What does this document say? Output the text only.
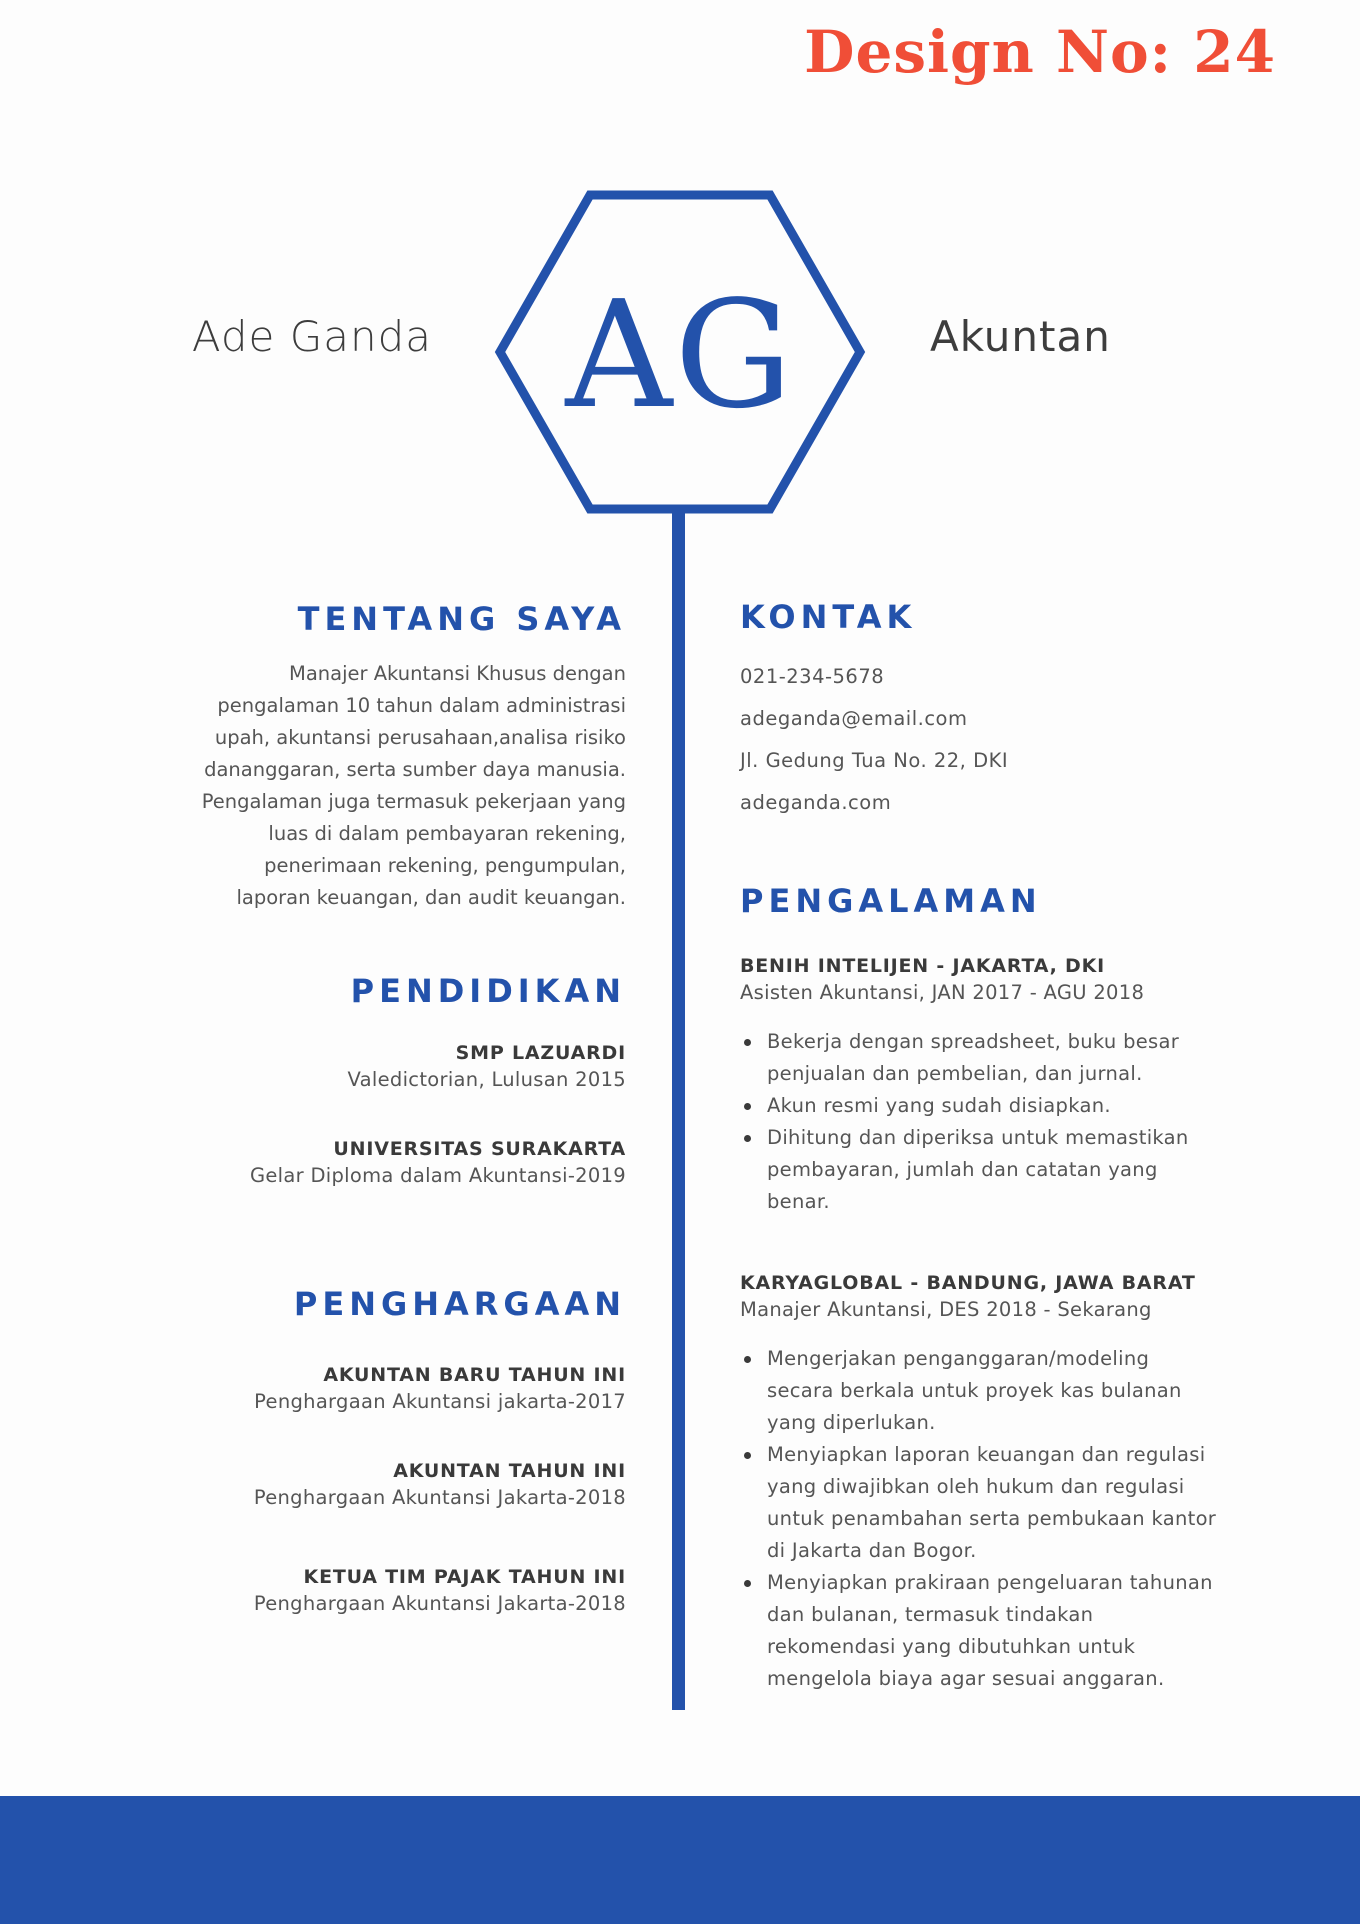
Design No: 24
AG
Ade Ganda	Akuntan
TENTANG SAYA
Manajer Akuntansi Khusus dengan
pengalaman 10 tahun dalam administrasi
upah, akuntansi perusahaan,analisa risiko
dananggaran, serta sumber daya manusia.
Pengalaman juga termasuk pekerjaan yang
luas di dalam pembayaran rekening,
penerimaan rekening, pengumpulan,
laporan keuangan, dan audit keuangan.
PENDIDIKAN
SMP LAZUARDI
Valedictorian, Lulusan 2015
UNIVERSITAS SURAKARTA
Gelar Diploma dalam Akuntansi-2019
PENGHARGAAN
AKUNTAN BARU TAHUN INI
Penghargaan Akuntansi jakarta-2017
AKUNTAN TAHUN INI
Penghargaan Akuntansi Jakarta-2018
KETUA TIM PAJAK TAHUN INI
Penghargaan Akuntansi Jakarta-2018
KONTAK
021-234-5678
adeganda@email.com
Jl. Gedung Tua No. 22, DKI
adeganda.com
PENGALAMAN
BENIH INTELIJEN - JAKARTA, DKI
Asisten Akuntansi, JAN 2017 - AGU 2018
Bekerja dengan spreadsheet, buku besar penjualan dan pembelian, dan jurnal.
Akun resmi yang sudah disiapkan.
Dihitung dan diperiksa untuk memastikan pembayaran, jumlah dan catatan yang benar.
KARYAGLOBAL - BANDUNG, JAWA BARAT
Manajer Akuntansi, DES 2018 - Sekarang
Mengerjakan penganggaran/modeling secara berkala untuk proyek kas bulanan yang diperlukan.
Menyiapkan laporan keuangan dan regulasi yang diwajibkan oleh hukum dan regulasi untuk penambahan serta pembukaan kantor di Jakarta dan Bogor.
Menyiapkan prakiraan pengeluaran tahunan dan bulanan, termasuk tindakan rekomendasi yang dibutuhkan untuk mengelola biaya agar sesuai anggaran.
